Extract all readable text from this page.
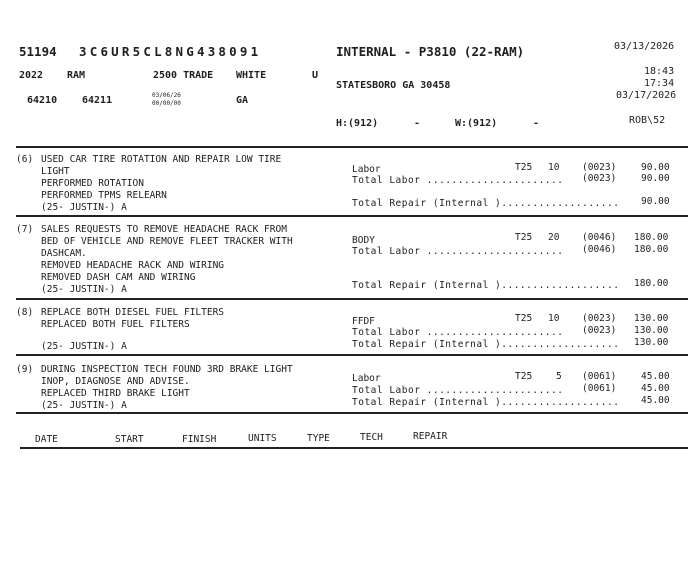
51194 3C6UR5CL8NG438091	INTERNAL - P3810 (22-RAM)	03/13/2026
2022 RAM	2500 TRADE WHITE	U	18:43
17:34
03/17/2026
STATESBORO GA 30458
64210 64211	03/06/26
00/00/00	GA
H:(912)	-	W:(912)	-	ROB\52
(6) USED CAR TIRE ROTATION AND REPAIR LOW TIRE
LIGHT
PERFORMED ROTATION
PERFORMED TPMS RELEARN
(25- JUSTIN-) A
Labor	T25 10 (0023)	90.00
Total Labor ...................... (0023)	90.00
Total Repair (Internal )................... 90.00
(7) SALES REQUESTS TO REMOVE HEADACHE RACK FROM
BED OF VEHICLE AND REMOVE FLEET TRACKER WITH
DASHCAM.
REMOVED HEADACHE RACK AND WIRING
REMOVED DASH CAM AND WIRING
(25- JUSTIN-) A
BODY	T25 20 (0046) 180.00
Total Labor ...................... (0046) 180.00
Total Repair (Internal )................... 180.00
(8) REPLACE BOTH DIESEL FUEL FILTERS
REPLACED BOTH FUEL FILTERS
(25- JUSTIN-) A
FFDF	T25 10 (0023) 130.00
Total Labor ...................... (0023) 130.00
Total Repair (Internal )................... 130.00
(9) DURING INSPECTION TECH FOUND 3RD BRAKE LIGHT
INOP, DIAGNOSE AND ADVISE.
REPLACED THIRD BRAKE LIGHT
(25- JUSTIN-) A
Labor	T25	5 (0061)	45.00
Total Labor ...................... (0061)	45.00
Total Repair (Internal )................... 45.00
DATE	START	FINISH	UNITS	TYPE	TECH	REPAIR
